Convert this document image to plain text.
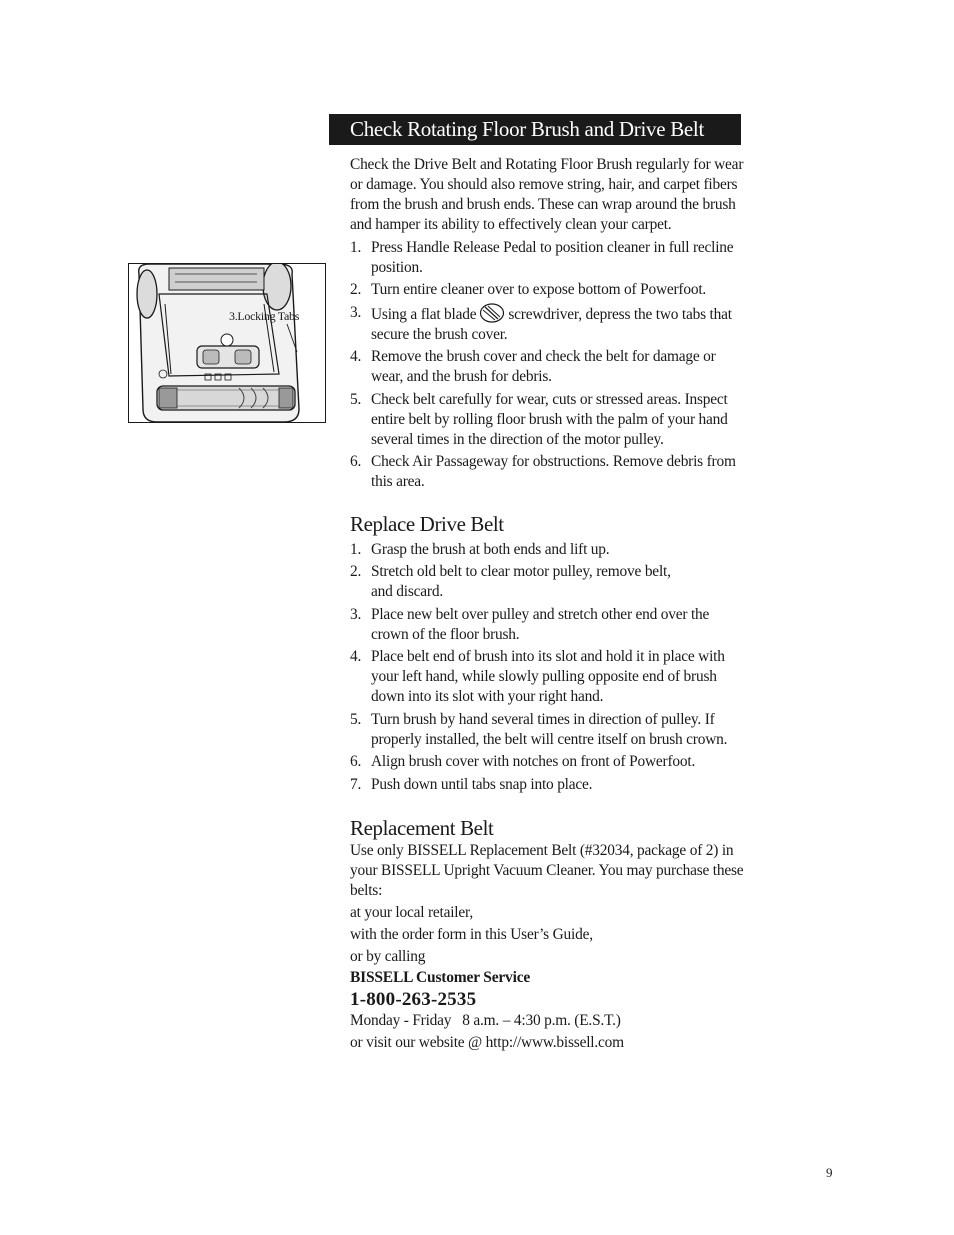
Check Rotating Floor Brush and Drive Belt
3.Locking Tabs

Check the Drive Belt and Rotating Floor Brush regularly for wear or damage. You should also remove string, hair, and carpet fibers from the brush and brush ends. These can wrap around the brush and hamper its ability to effectively clean your carpet.

1. Press Handle Release Pedal to position cleaner in full recline position.
2. Turn entire cleaner over to expose bottom of Powerfoot.
3. Using a flat blade screwdriver, depress the two tabs that secure the brush cover.
4. Remove the brush cover and check the belt for damage or wear, and the brush for debris.
5. Check belt carefully for wear, cuts or stressed areas. Inspect entire belt by rolling floor brush with the palm of your hand several times in the direction of the motor pulley.
6. Check Air Passageway for obstructions. Remove debris from this area.
Replace Drive Belt
1. Grasp the brush at both ends and lift up.
2. Stretch old belt to clear motor pulley, remove belt,
and discard.
3. Place new belt over pulley and stretch other end over the crown of the floor brush.
4. Place belt end of brush into its slot and hold it in place with your left hand, while slowly pulling opposite end of brush down into its slot with your right hand.
5. Turn brush by hand several times in direction of pulley. If properly installed, the belt will centre itself on brush crown.
6. Align brush cover with notches on front of Powerfoot.
7. Push down until tabs snap into place.
Replacement Belt

Use only BISSELL Replacement Belt (#32034, package of 2) in your BISSELL Upright Vacuum Cleaner. You may purchase these belts:

at your local retailer,

with the order form in this User’s Guide,

or by calling

BISSELL Customer Service

1-800-263-2535

Monday - Friday   8 a.m. – 4:30 p.m. (E.S.T.)

or visit our website @ http://www.bissell.com

9
